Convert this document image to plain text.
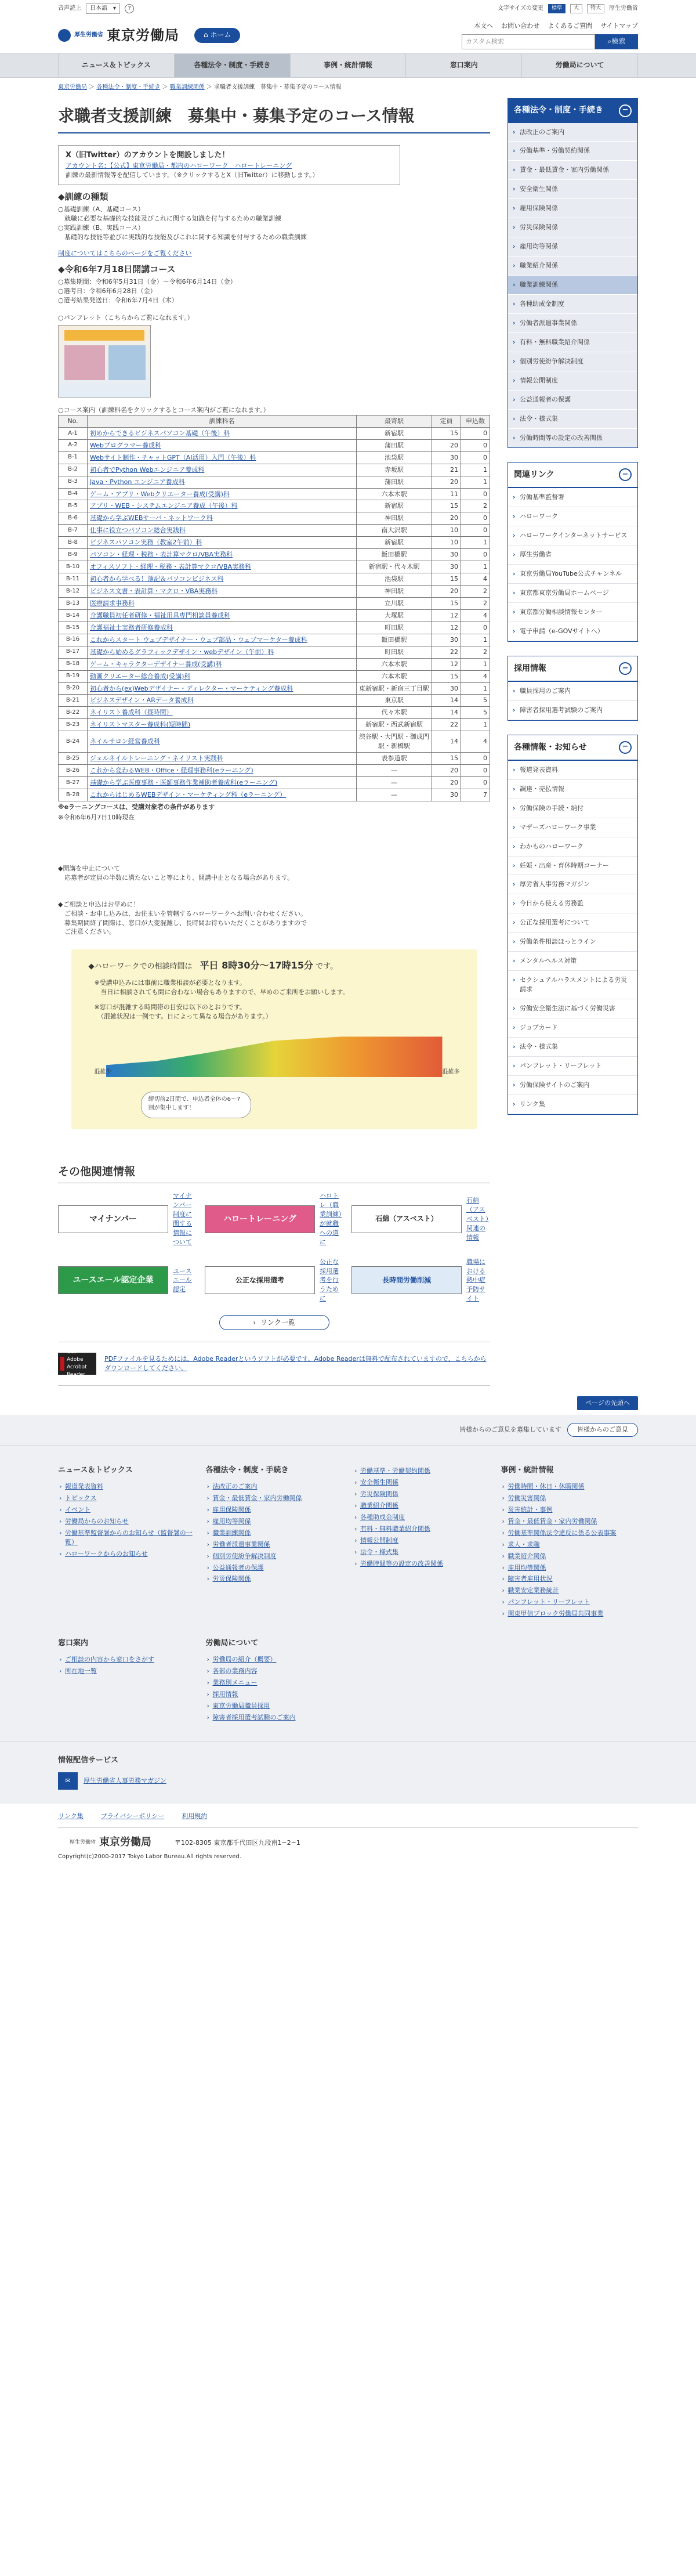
音声読上 日本語 ▾	?	文字サイズの変更	標準	大	特大	厚生労働省
厚生労働省 東京労働局	⌂ ホーム
本文へ お問い合わせ よくあるご質問 サイトマップ
カスタム検索	⌕ 検索
ニュース＆トピックス	各種法令・制度・手続き	事例・統計情報	窓口案内	労働局について
東京労働局 ＞ 各種法令・制度・手続き ＞ 職業訓練関係 ＞ 求職者支援訓練　募集中・募集予定のコース情報
求職者支援訓練　募集中・募集予定のコース情報
X（旧Twitter）のアカウントを開設しました！

アカウント名：【公式】東京労働局・都内のハローワーク　ハロートレーニング

訓練の最新情報等を配信しています。（※クリックするとX（旧Twitter）に移動します。）

◆訓練の種類
○基礎訓練（A、基礎コース）
　就職に必要な基礎的な技能及びこれに関する知識を付与するための職業訓練
○実践訓練（B、実践コース）
　基礎的な技能等並びに実践的な技能及びこれに関する知識を付与するための職業訓練
制度についてはこちらのページをご覧ください
◆令和6年7月18日開講コース
○募集期間：令和6年5月31日（金）～令和6年6月14日（金）
○選考日：令和6年6月28日（金）
○選考結果発送日：令和6年7月4日（木）
○パンフレット（こちらからご覧になれます。）
○コース案内（訓練科名をクリックするとコース案内がご覧になれます。）
No.	訓練科名	最寄駅	定員	申込数
A-1	初めからできるビジネスパソコン基礎（午後）科	新宿駅	15	0
A-2	Webプログラマー養成科	蒲田駅	20	0
B-1	Webサイト制作・チャットGPT（AI活用）入門（午後）科	池袋駅	30	0
B-2	初心者でPython Webエンジニア養成科	赤坂駅	21	1
B-3	Java・Python エンジニア養成科	蒲田駅	20	1
B-4	ゲーム・アプリ・Webクリエーター養成(受講)科	六本木駅	11	0
B-5	アプリ・WEB・システムエンジニア養成（午後）科	新宿駅	15	2
B-6	基礎から学ぶWEBサーバ・ネットワーク科	神田駅	20	0
B-7	仕事に役立つパソコン総合実践科	南大沢駅	10	0
B-8	ビジネスパソコン実務（教室2午前）科	新宿駅	10	1
B-9	パソコン・経理・税務・表計算マクロ/VBA実務科	飯田橋駅	30	0
B-10	オフィスソフト・経理・税務・表計算マクロ/VBA実務科	新宿駅・代々木駅	30	1
B-11	初心者から学べる！簿記＆パソコンビジネス科	池袋駅	15	4
B-12	ビジネス文書・表計算・マクロ・VBA実務科	神田駅	20	2
B-13	医療請求事務科	立川駅	15	2
B-14	介護職員初任者研修・福祉用具専門相談員養成科	大塚駅	12	4
B-15	介護福祉士実務者研修養成科	町田駅	12	0
B-16	これからスタート ウェブデザイナー・ウェブ部品・ウェブマーケター養成科	飯田橋駅	30	1
B-17	基礎から始めるグラフィックデザイン・webデザイン（午前）科	町田駅	22	2
B-18	ゲーム・キャラクターデザイナー養成(受講)科	六本木駅	12	1
B-19	動画クリエーター総合養成(受講)科	六本木駅	15	4
B-20	初心者から(ex)Webデザイナー・ディレクター・マーケティング養成科	東新宿駅・新宿三丁目駅	30	1
B-21	ビジネスデザイン・ARデータ養成科	東京駅	14	5
B-22	ネイリスト養成科（昼時間）	代々木駅	14	5
B-23	ネイリストマスター養成科(短時間)	新宿駅・西武新宿駅	22	1
B-24	ネイルサロン経営養成科	渋谷駅・大門駅・御成門駅・新橋駅	14	4
B-25	ジェルネイルトレーニング・ネイリスト実践科	表参道駅	15	0
B-26	これから変わるWEB・Office・経理事務科(eラーニング)	—	20	0
B-27	基礎から学ぶ医療事務・医師事務作業補助者養成科(eラーニング)	—	20	0
B-28	これからはじめるWEBデザイン・マーケティング科（eラーニング）	—	30	7
※eラーニングコースは、受講対象者の条件があります
※令和6年6月7日10時現在
◆開講を中止について
　応募者が定員の半数に満たないこと等により、開講中止となる場合があります。
◆ご相談と申込はお早めに！
　ご相談・お申し込みは、お住まいを管轄するハローワークへお問い合わせください。
　募集期間終了間際は、窓口が大変混雑し、長時間お待ちいただくことがありますので
　ご注意ください。
◆ハローワークでの相談時間は　 平日 8時30分～17時15分 です。
※受講申込みには事前に職業相談が必要となります。
　当日に相談されても間に合わない場合もありますので、早めのご来所をお願いします。
※窓口が混雑する時間帯の目安は以下のとおりです。
　（混雑状況は一例です。日によって異なる場合があります。）
混雑少	混雑多
締切前2日間で、申込者全体の6〜7割が集中します！
その他関連情報
マイナンバー
マイナンバー制度に関する情報について
ハロートレーニング
ハロトレ（職業訓練）が就職への道に
石綿（アスベスト）
石綿（アスベスト）関連の情報
ユースエール認定企業
ユースエール認定
公正な採用選考
公正な採用選考を行うために
長時間労働削減
職場における熱中症予防サイト
› リンク一覧
Get Adobe Acrobat Reader
PDFファイルを見るためには、Adobe Readerというソフトが必要です。Adobe Readerは無料で配布されていますので、こちらからダウンロードしてください。
各種法令・制度・手続き	−
› 法改正のご案内
› 労働基準・労働契約関係
› 賃金・最低賃金・家内労働関係
› 安全衛生関係
› 雇用保険関係
› 労災保険関係
› 雇用均等関係
› 職業紹介関係
› 職業訓練関係
› 各種助成金制度
› 労働者派遣事業関係
› 有料・無料職業紹介関係
› 個別労使紛争解決制度
› 情報公開制度
› 公益通報者の保護
› 法令・様式集
› 労働時間等の設定の改善関係
関連リンク	−
› 労働基準監督署
› ハローワーク
› ハローワークインターネットサービス
› 厚生労働省
› 東京労働局YouTube公式チャンネル
› 東京都東京労働局ホームページ
› 東京都労働相談情報センター
› 電子申請（e-GOVサイトへ）
採用情報	−
› 職員採用のご案内
› 障害者採用選考試験のご案内
各種情報・お知らせ	−
› 報道発表資料
› 調達・売払情報
› 労働保険の手続・納付
› マザーズハローワーク事業
› わかものハローワーク
› 妊娠・出産・育休時期コーナー
› 厚労省人事労務マガジン
› 今日から使える労務監
› 公正な採用選考について
› 労働条件相談ほっとライン
› メンタルヘルス対策
› セクシュアルハラスメントによる労災請求
› 労働安全衛生法に基づく労働災害
› ジョブカード
› 法令・様式集
› パンフレット・リーフレット
› 労働保険サイトのご案内
› リンク集
ページの先頭へ
皆様からのご意見を募集しています	皆様からのご意見
ニュース＆トピックス
› 報道発表資料
› トピックス
› イベント
› 労働局からのお知らせ
› 労働基準監督署からのお知らせ（監督署の一覧）
› ハローワークからのお知らせ
各種法令・制度・手続き
› 法改正のご案内
› 賃金・最低賃金・家内労働関係
› 雇用保険関係
› 雇用均等関係
› 職業訓練関係
› 労働者派遣事業関係
› 個別労使紛争解決制度
› 公益通報者の保護
› 労災保険関係
› 労働基準・労働契約関係
› 安全衛生関係
› 労災保険関係
› 職業紹介関係
› 各種助成金制度
› 有料・無料職業紹介関係
› 情報公開制度
› 法令・様式集
› 労働時間等の設定の改善関係
事例・統計情報
› 労働時間・休日・休暇関係
› 労働災害関係
› 災害統計・事例
› 賃金・最低賃金・家内労働関係
› 労働基準関係法令違反に係る公表事案
› 求人・求職
› 職業紹介関係
› 雇用均等関係
› 障害者雇用状況
› 職業安定業務統計
› パンフレット・リーフレット
› 関東甲信ブロック労働局共同事業
窓口案内
› ご相談の内容から窓口をさがす
› 所在地一覧
労働局について
› 労働局の紹介（概要）
› 各部の業務内容
› 業務別メニュー
› 採用情報
› 東京労働局職員採用
› 障害者採用選考試験のご案内
情報配信サービス
✉	厚生労働省人事労務マガジン
リンク集	プライバシーポリシー	利用規約
厚生労働省 東京労働局	〒102-8305 東京都千代田区九段南1−2−1
Copyright(c)2000-2017 Tokyo Labor Bureau.All rights reserved.
